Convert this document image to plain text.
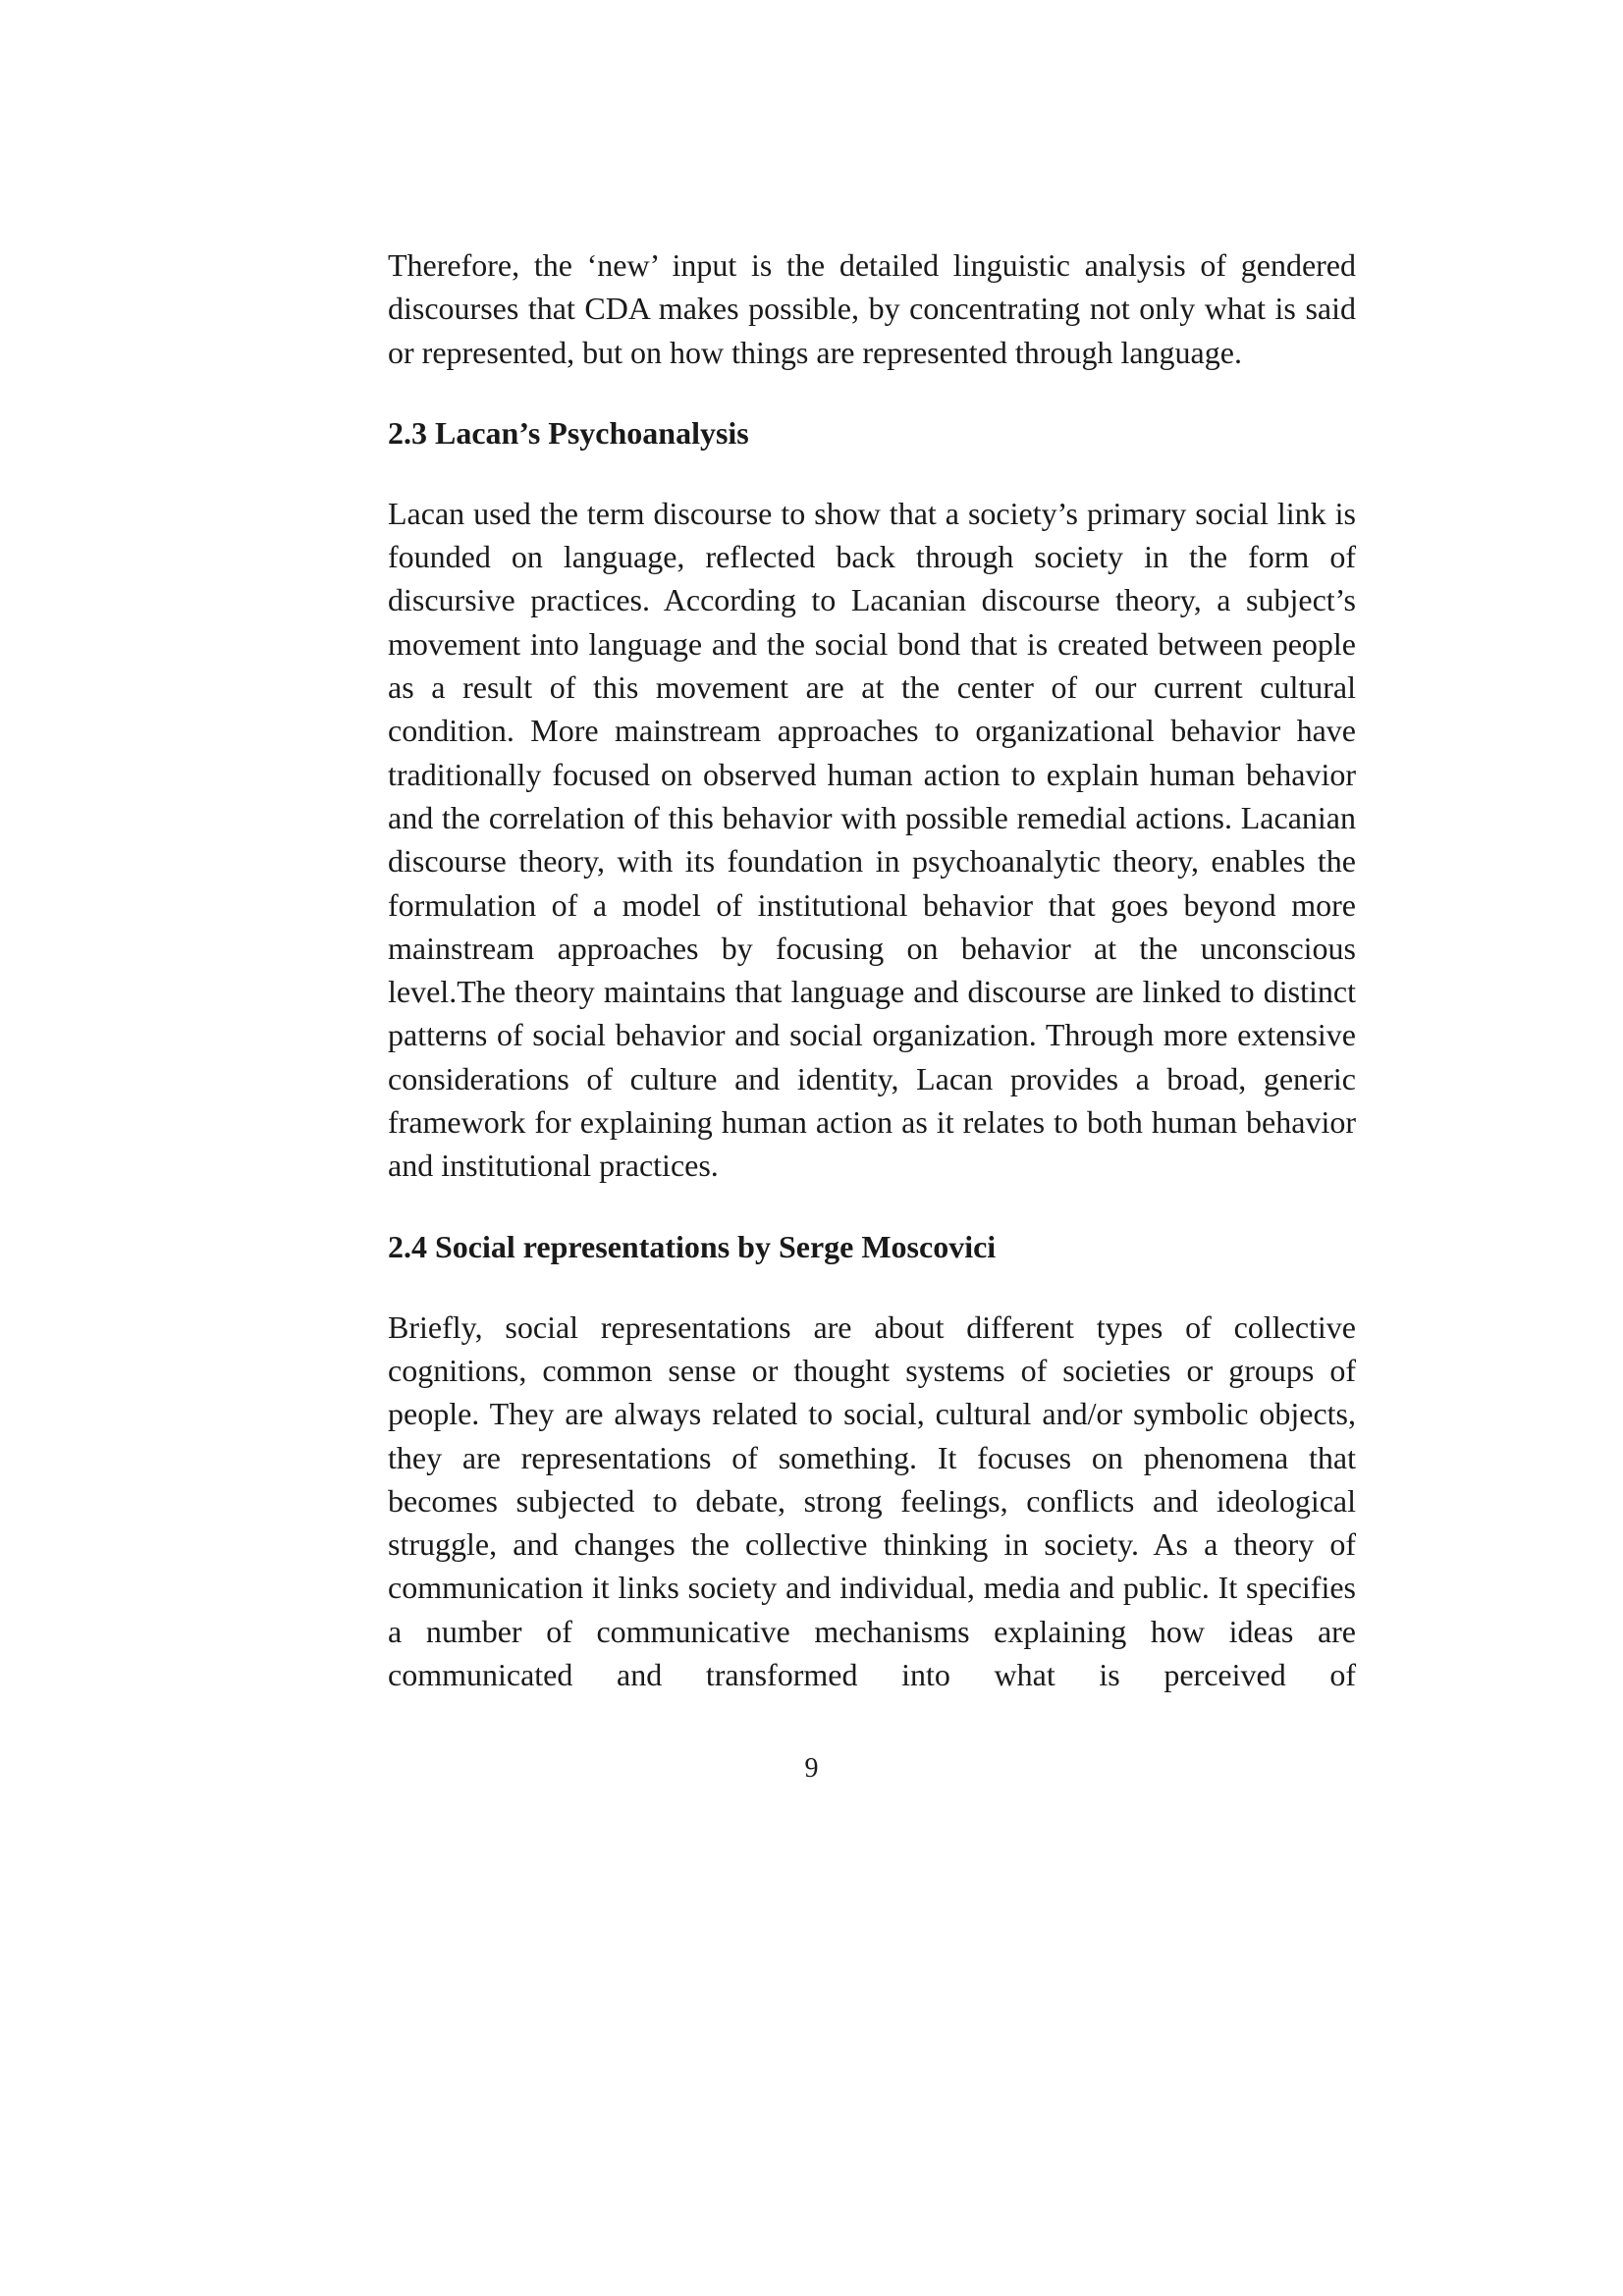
Therefore, the ‘new’ input is the detailed linguistic analysis of gendered discourses that CDA makes possible, by concentrating not only what is said or represented, but on how things are represented through language.

2.3 Lacan’s Psychoanalysis

Lacan used the term discourse to show that a society’s primary social link is founded on language, reflected back through society in the form of discursive practices. According to Lacanian discourse theory, a subject’s movement into language and the social bond that is created between people as a result of this movement are at the center of our current cultural condition. More mainstream approaches to organizational behavior have traditionally focused on observed human action to explain human behavior and the correlation of this behavior with possible remedial actions. Lacanian discourse theory, with its foundation in psychoanalytic theory, enables the formulation of a model of institutional behavior that goes beyond more mainstream approaches by focusing on behavior at the unconscious level.The theory maintains that language and discourse are linked to distinct patterns of social behavior and social organization. Through more extensive considerations of culture and identity, Lacan provides a broad, generic framework for explaining human action as it relates to both human behavior and institutional practices.

2.4 Social representations by Serge Moscovici

Briefly, social representations are about different types of collective cognitions, common sense or thought systems of societies or groups of people. They are always related to social, cultural and/or symbolic objects, they are representations of something. It focuses on phenomena that becomes subjected to debate, strong feelings, conflicts and ideological struggle, and changes the collective thinking in society. As a theory of communication it links society and individual, media and public. It specifies a number of communicative mechanisms explaining how ideas are communicated and transformed into what is perceived of

9
